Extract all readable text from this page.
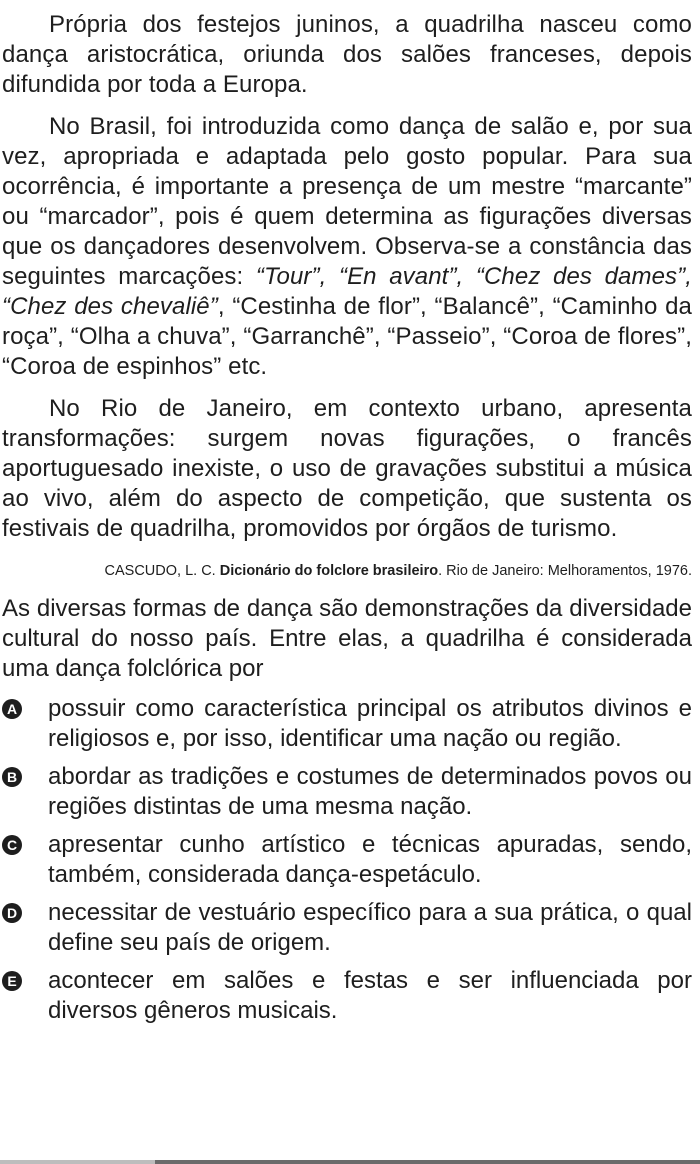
Própria dos festejos juninos, a quadrilha nasceu como dança aristocrática, oriunda dos salões franceses, depois difundida por toda a Europa.

No Brasil, foi introduzida como dança de salão e, por sua vez, apropriada e adaptada pelo gosto popular. Para sua ocorrência, é importante a presença de um mestre “marcante” ou “marcador”, pois é quem determina as figurações diversas que os dançadores desenvolvem. Observa-se a constância das seguintes marcações: “Tour”, “En avant”, “Chez des dames”, “Chez des chevaliê”, “Cestinha de flor”, “Balancê”, “Caminho da roça”, “Olha a chuva”, “Garranchê”, “Passeio”, “Coroa de flores”, “Coroa de espinhos” etc.

No Rio de Janeiro, em contexto urbano, apresenta transformações: surgem novas figurações, o francês aportuguesado inexiste, o uso de gravações substitui a música ao vivo, além do aspecto de competição, que sustenta os festivais de quadrilha, promovidos por órgãos de turismo.

CASCUDO, L. C. Dicionário do folclore brasileiro. Rio de Janeiro: Melhoramentos, 1976.

As diversas formas de dança são demonstrações da diversidade cultural do nosso país. Entre elas, a quadrilha é considerada uma dança folclórica por

A possuir como característica principal os atributos divinos e religiosos e, por isso, identificar uma nação ou região.

B abordar as tradições e costumes de determinados povos ou regiões distintas de uma mesma nação.

C apresentar cunho artístico e técnicas apuradas, sendo, também, considerada dança-espetáculo.

D necessitar de vestuário específico para a sua prática, o qual define seu país de origem.

E acontecer em salões e festas e ser influenciada por diversos gêneros musicais.
